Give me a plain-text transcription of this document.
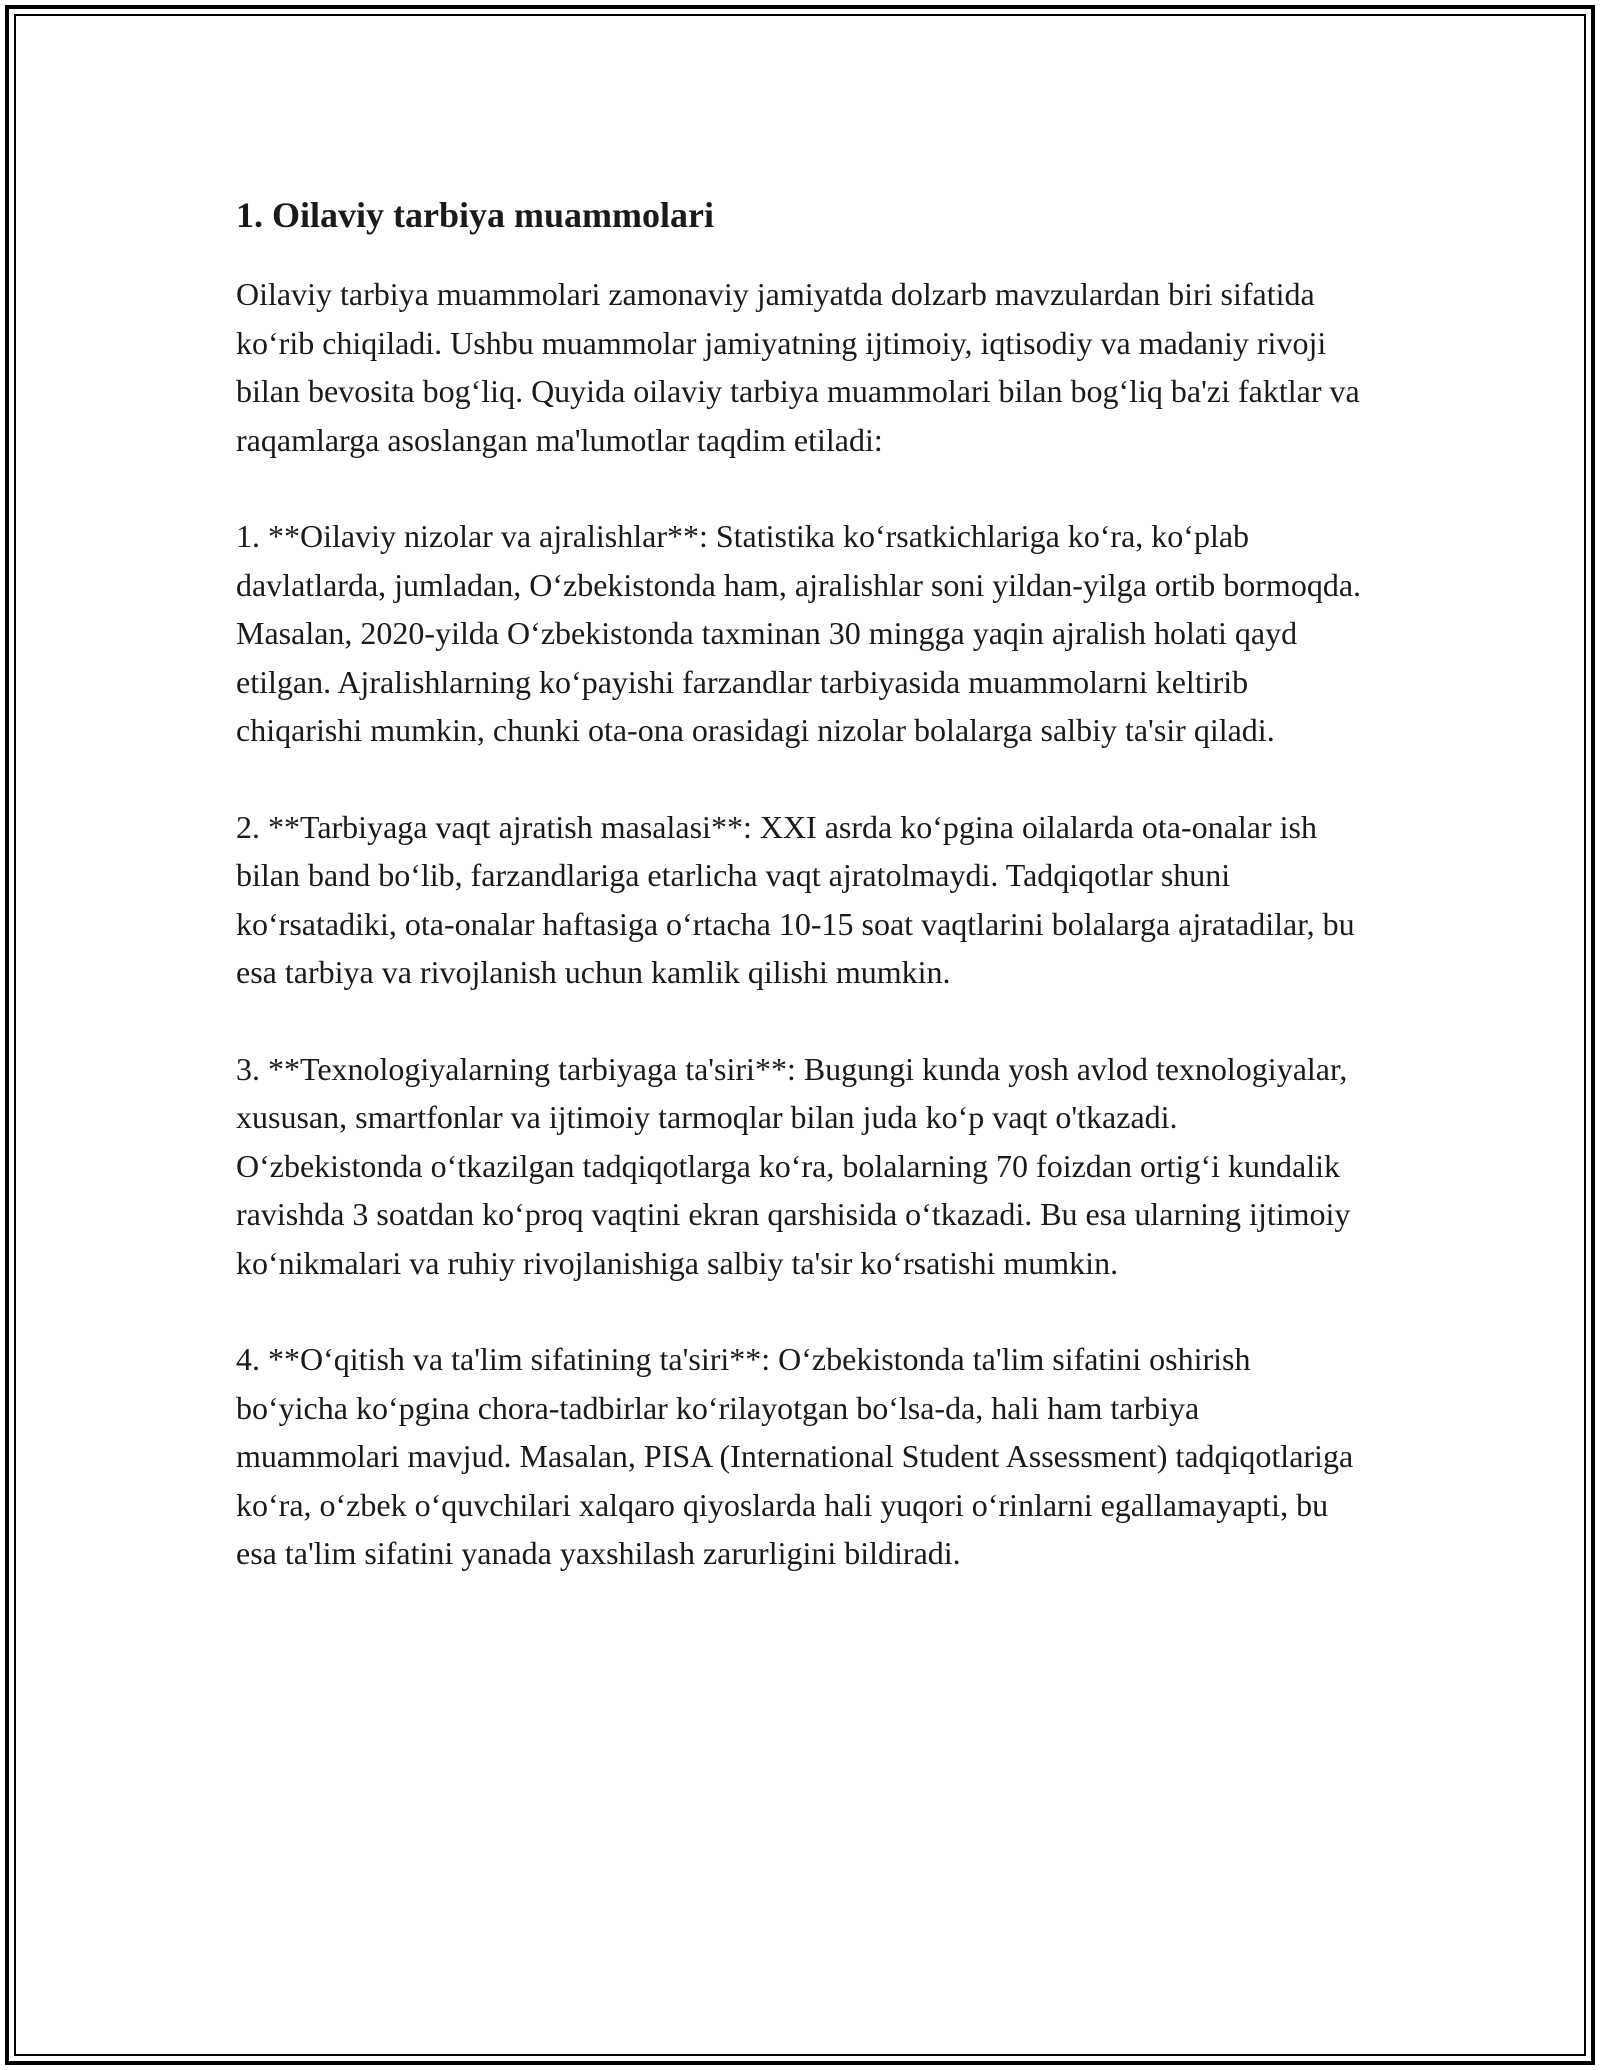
1. Oilaviy tarbiya muammolari

Oilaviy tarbiya muammolari zamonaviy jamiyatda dolzarb mavzulardan biri sifatida koʻrib chiqiladi. Ushbu muammolar jamiyatning ijtimoiy, iqtisodiy va madaniy rivoji bilan bevosita bogʻliq. Quyida oilaviy tarbiya muammolari bilan bogʻliq ba'zi faktlar va raqamlarga asoslangan ma'lumotlar taqdim etiladi:

1. **Oilaviy nizolar va ajralishlar**: Statistika koʻrsatkichlariga koʻra, koʻplab davlatlarda, jumladan, Oʻzbekistonda ham, ajralishlar soni yildan-yilga ortib bormoqda. Masalan, 2020-yilda Oʻzbekistonda taxminan 30 mingga yaqin ajralish holati qayd etilgan. Ajralishlarning koʻpayishi farzandlar tarbiyasida muammolarni keltirib chiqarishi mumkin, chunki ota-ona orasidagi nizolar bolalarga salbiy ta'sir qiladi.

2. **Tarbiyaga vaqt ajratish masalasi**: XXI asrda koʻpgina oilalarda ota-onalar ish bilan band boʻlib, farzandlariga etarlicha vaqt ajratolmaydi. Tadqiqotlar shuni koʻrsatadiki, ota-onalar haftasiga oʻrtacha 10-15 soat vaqtlarini bolalarga ajratadilar, bu esa tarbiya va rivojlanish uchun kamlik qilishi mumkin.

3. **Texnologiyalarning tarbiyaga ta'siri**: Bugungi kunda yosh avlod texnologiyalar, xususan, smartfonlar va ijtimoiy tarmoqlar bilan juda koʻp vaqt o'tkazadi. Oʻzbekistonda oʻtkazilgan tadqiqotlarga koʻra, bolalarning 70 foizdan ortigʻi kundalik ravishda 3 soatdan koʻproq vaqtini ekran qarshisida oʻtkazadi. Bu esa ularning ijtimoiy koʻnikmalari va ruhiy rivojlanishiga salbiy ta'sir koʻrsatishi mumkin.

4. **Oʻqitish va ta'lim sifatining ta'siri**: Oʻzbekistonda ta'lim sifatini oshirish boʻyicha koʻpgina chora-tadbirlar koʻrilayotgan boʻlsa-da, hali ham tarbiya muammolari mavjud. Masalan, PISA (International Student Assessment) tadqiqotlariga koʻra, oʻzbek oʻquvchilari xalqaro qiyoslarda hali yuqori oʻrinlarni egallamayapti, bu esa ta'lim sifatini yanada yaxshilash zarurligini bildiradi.
